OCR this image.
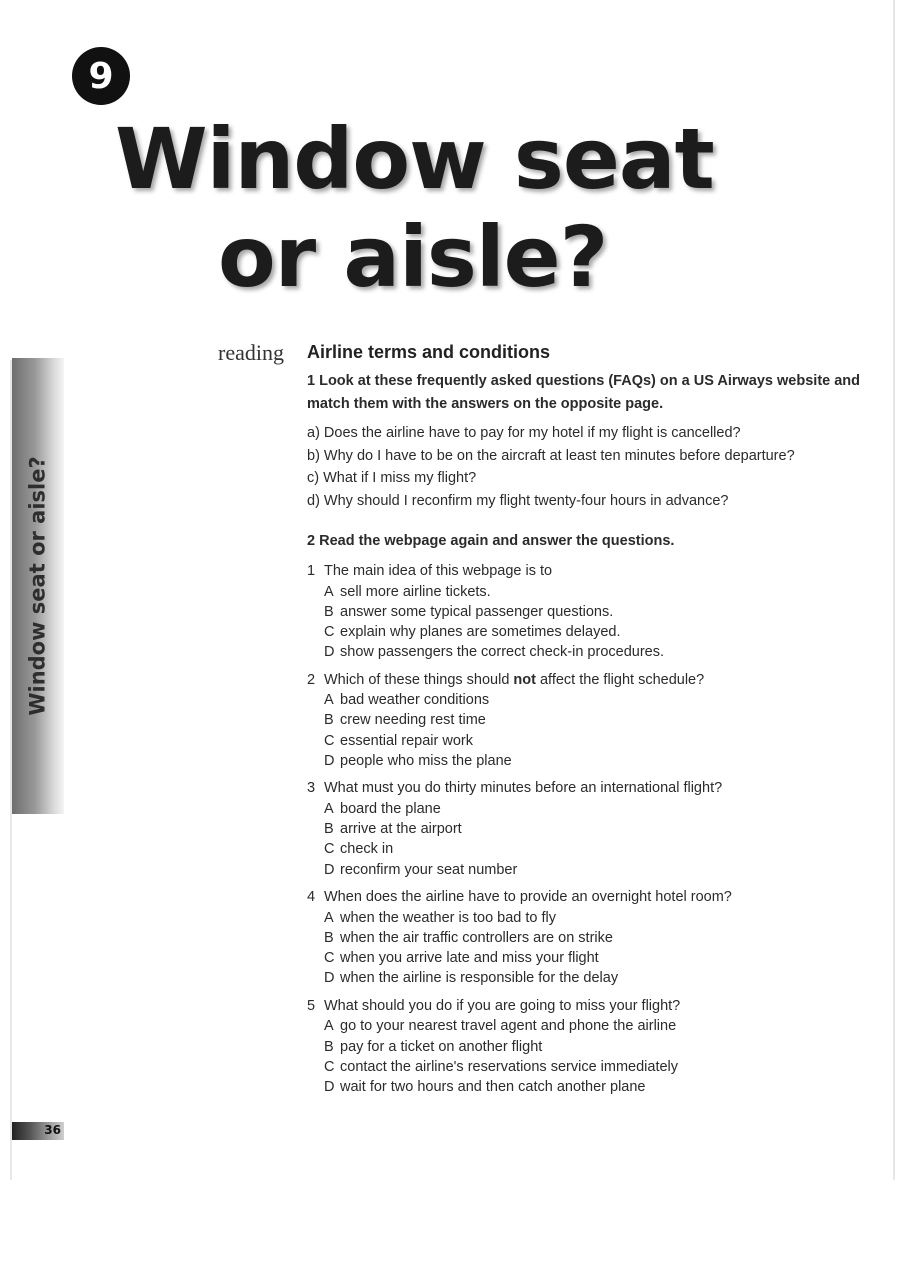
9
Window seat
or aisle?
Window seat or aisle?
reading Airline terms and conditions

1 Look at these frequently asked questions (FAQs) on a US Airways website and match them with the answers on the opposite page.

a) Does the airline have to pay for my hotel if my flight is cancelled?
b) Why do I have to be on the aircraft at least ten minutes before departure?
c) What if I miss my flight?
d) Why should I reconfirm my flight twenty-four hours in advance?

2 Read the webpage again and answer the questions.

1 The main idea of this webpage is to
A sell more airline tickets.
B answer some typical passenger questions.
C explain why planes are sometimes delayed.
D show passengers the correct check-in procedures.
2 Which of these things should not affect the flight schedule?
A bad weather conditions
B crew needing rest time
C essential repair work
D people who miss the plane
3 What must you do thirty minutes before an international flight?
A board the plane
B arrive at the airport
C check in
D reconfirm your seat number
4 When does the airline have to provide an overnight hotel room?
A when the weather is too bad to fly
B when the air traffic controllers are on strike
C when you arrive late and miss your flight
D when the airline is responsible for the delay
5 What should you do if you are going to miss your flight?
A go to your nearest travel agent and phone the airline
B pay for a ticket on another flight
C contact the airline's reservations service immediately
D wait for two hours and then catch another plane
36
